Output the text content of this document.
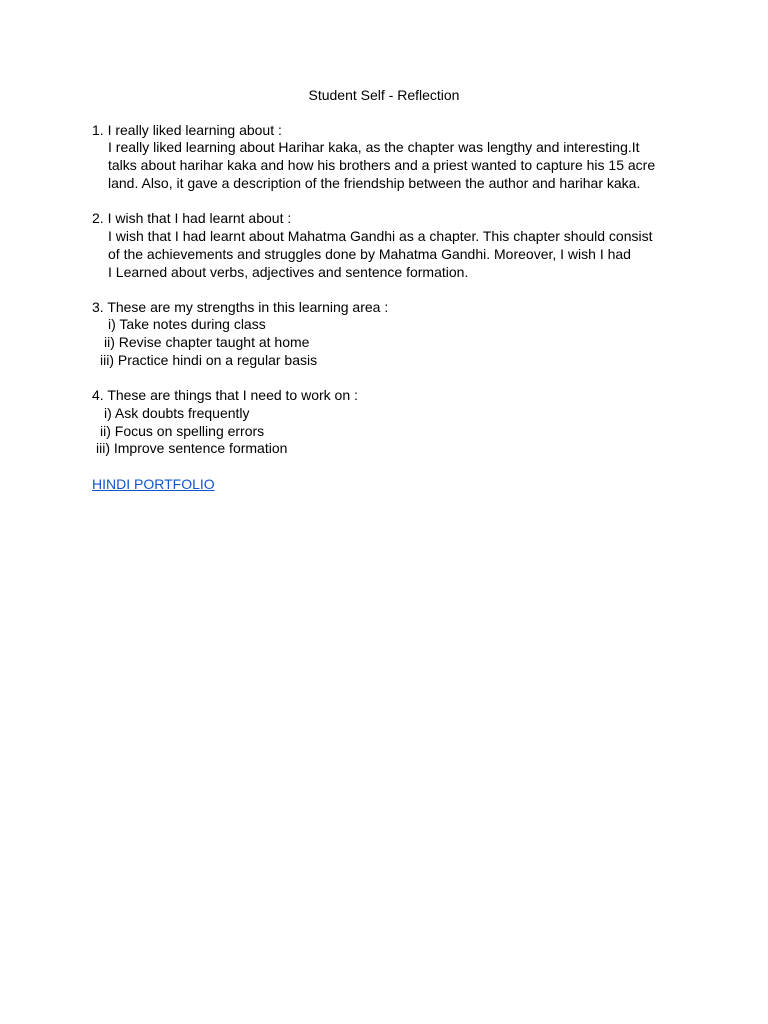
Student Self - Reflection
1. I really liked learning about :
I really liked learning about Harihar kaka, as the chapter was lengthy and interesting.It
talks about harihar kaka and how his brothers and a priest wanted to capture his 15 acre
land. Also, it gave a description of the friendship between the author and harihar kaka.
2. I wish that I had learnt about :
I wish that I had learnt about Mahatma Gandhi as a chapter. This chapter should consist
of the achievements and struggles done by Mahatma Gandhi. Moreover, I wish I had
I Learned about verbs, adjectives and sentence formation.
3. These are my strengths in this learning area :
i) Take notes during class
ii) Revise chapter taught at home
iii) Practice hindi on a regular basis
4. These are things that I need to work on :
i) Ask doubts frequently
ii) Focus on spelling errors
iii) Improve sentence formation
HINDI PORTFOLIO
